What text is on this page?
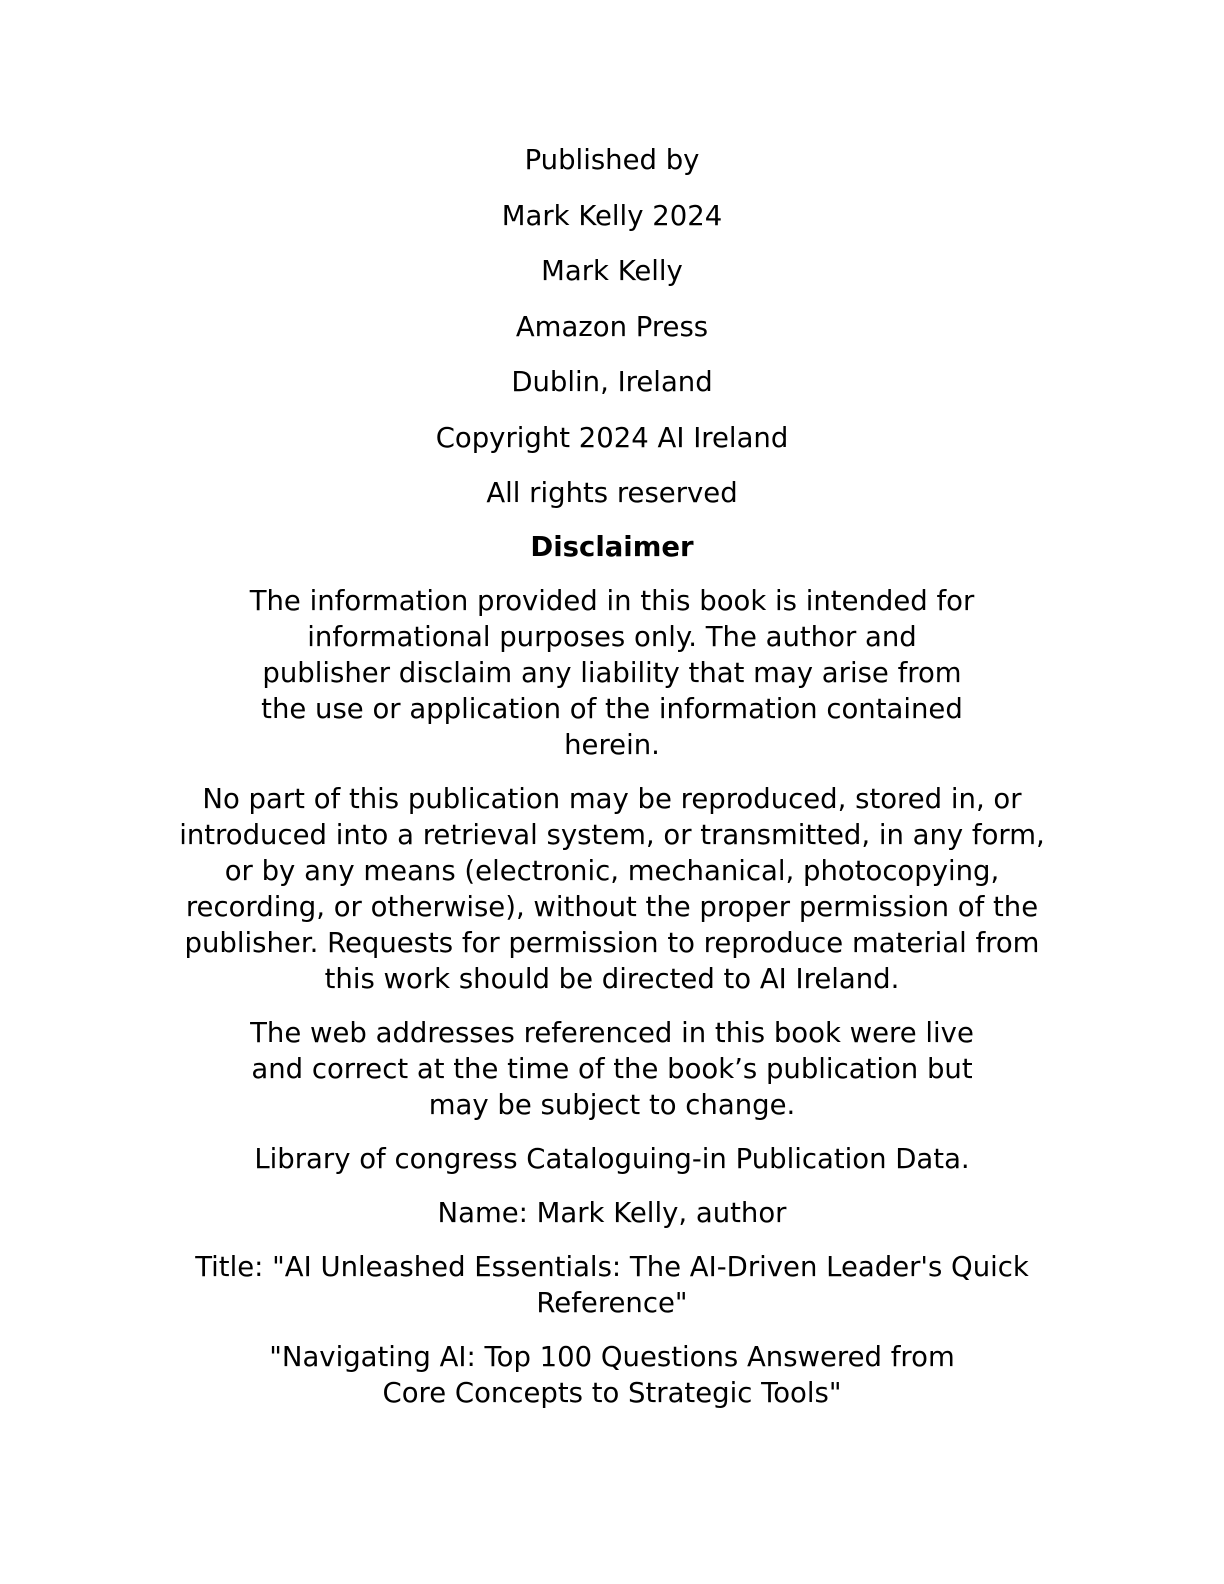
Published by

Mark Kelly 2024

Mark Kelly

Amazon Press

Dublin, Ireland

Copyright 2024 AI Ireland

All rights reserved

Disclaimer

The information provided in this book is intended for informational purposes only. The author and publisher disclaim any liability that may arise from the use or application of the information contained herein.

No part of this publication may be reproduced, stored in, or introduced into a retrieval system, or transmitted, in any form, or by any means (electronic, mechanical, photocopying, recording, or otherwise), without the proper permission of the publisher. Requests for permission to reproduce material from this work should be directed to AI Ireland.

The web addresses referenced in this book were live and correct at the time of the book’s publication but may be subject to change.

Library of congress Cataloguing-in Publication Data.

Name: Mark Kelly, author

Title: "AI Unleashed Essentials: The AI-Driven Leader's Quick Reference"

"Navigating AI: Top 100 Questions Answered from Core Concepts to Strategic Tools"
